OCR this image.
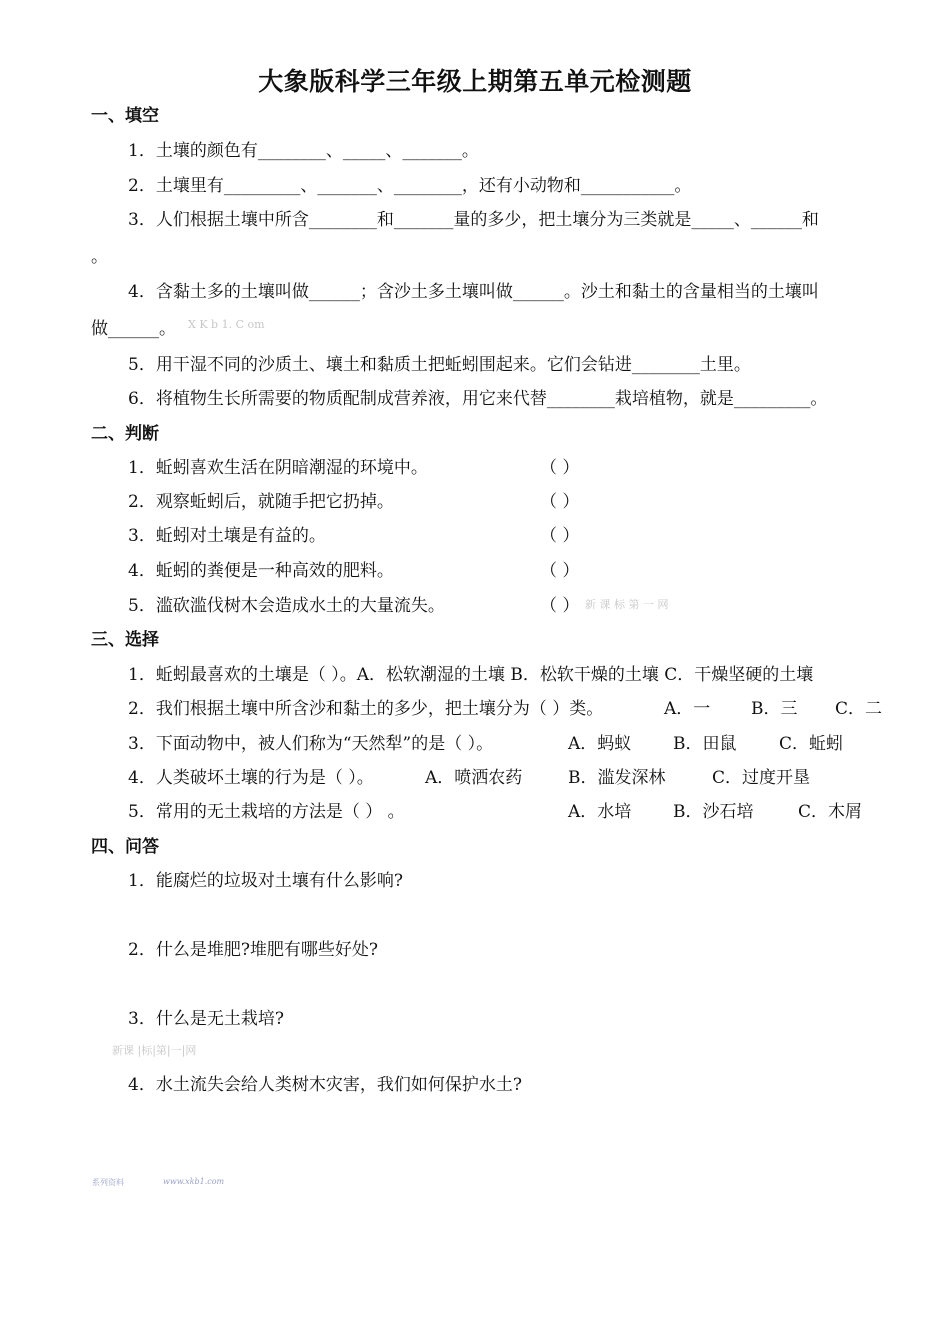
大象版科学三年级上期第五单元检测题
一、填空
1．土壤的颜色有________、_____、_______。
2．土壤里有_________、_______、________，还有小动物和___________。
3．人们根据土壤中所含________和_______量的多少，把土壤分为三类就是_____、______和
。
4．含黏土多的土壤叫做______；含沙土多土壤叫做______。沙土和黏土的含量相当的土壤叫
做______。 X K b 1. C om
5．用干湿不同的沙质土、壤土和黏质土把蚯蚓围起来。它们会钻进________土里。
6．将植物生长所需要的物质配制成营养液，用它来代替________栽培植物，就是_________。
二、判断
1．蚯蚓喜欢生活在阴暗潮湿的环境中。	（ ）
2．观察蚯蚓后，就随手把它扔掉。	（ ）
3．蚯蚓对土壤是有益的。	（ ）
4．蚯蚓的粪便是一种高效的肥料。	（ ）
5．滥砍滥伐树木会造成水土的大量流失。	（ ） 新 课 标 第 一 网
三、选择
1．蚯蚓最喜欢的土壤是（ ）。A．松软潮湿的土壤 B．松软干燥的土壤 C．干燥坚硬的土壤
2．我们根据土壤中所含沙和黏土的多少，把土壤分为（ ）类。	A．一 B．三 C．二
3．下面动物中，被人们称为“天然犁”的是（ ）。	A．蚂蚁 B．田鼠	C．蚯蚓
4．人类破坏土壤的行为是（ ）。	A．喷洒农药	B．滥发深林	C．过度开垦
5．常用的无土栽培的方法是（ ） 。	A．水培 B．沙石培	C．木屑
四、问答
1．能腐烂的垃圾对土壤有什么影响?
2．什么是堆肥?堆肥有哪些好处?
3．什么是无土栽培?
新课 |标|第|一|网
4．水土流失会给人类树木灾害，我们如何保护水土?
系列资料	www.xkb1.com
